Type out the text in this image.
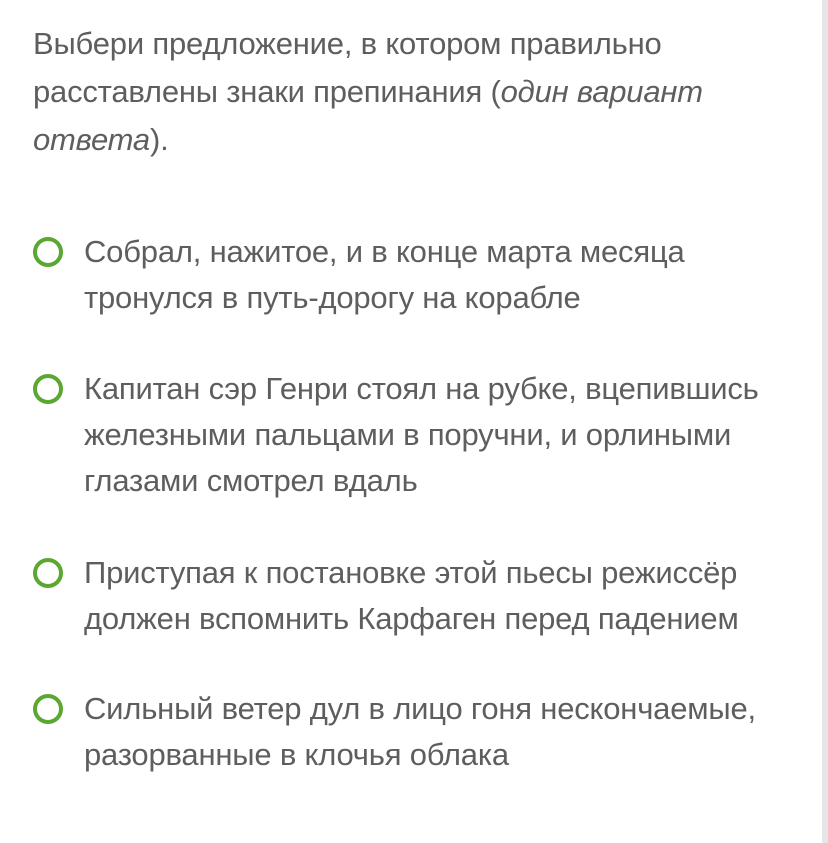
Выбери предложение, в котором правильно расставлены знаки препинания (один вариант ответа).
Собрал, нажитое, и в конце марта месяца тронулся в путь-дорогу на корабле
Капитан сэр Генри стоял на рубке, вцепившись железными пальцами в поручни, и орлиными глазами смотрел вдаль
Приступая к постановке этой пьесы режиссёр должен вспомнить Карфаген перед падением
Сильный ветер дул в лицо гоня нескончаемые, разорванные в клочья облака
